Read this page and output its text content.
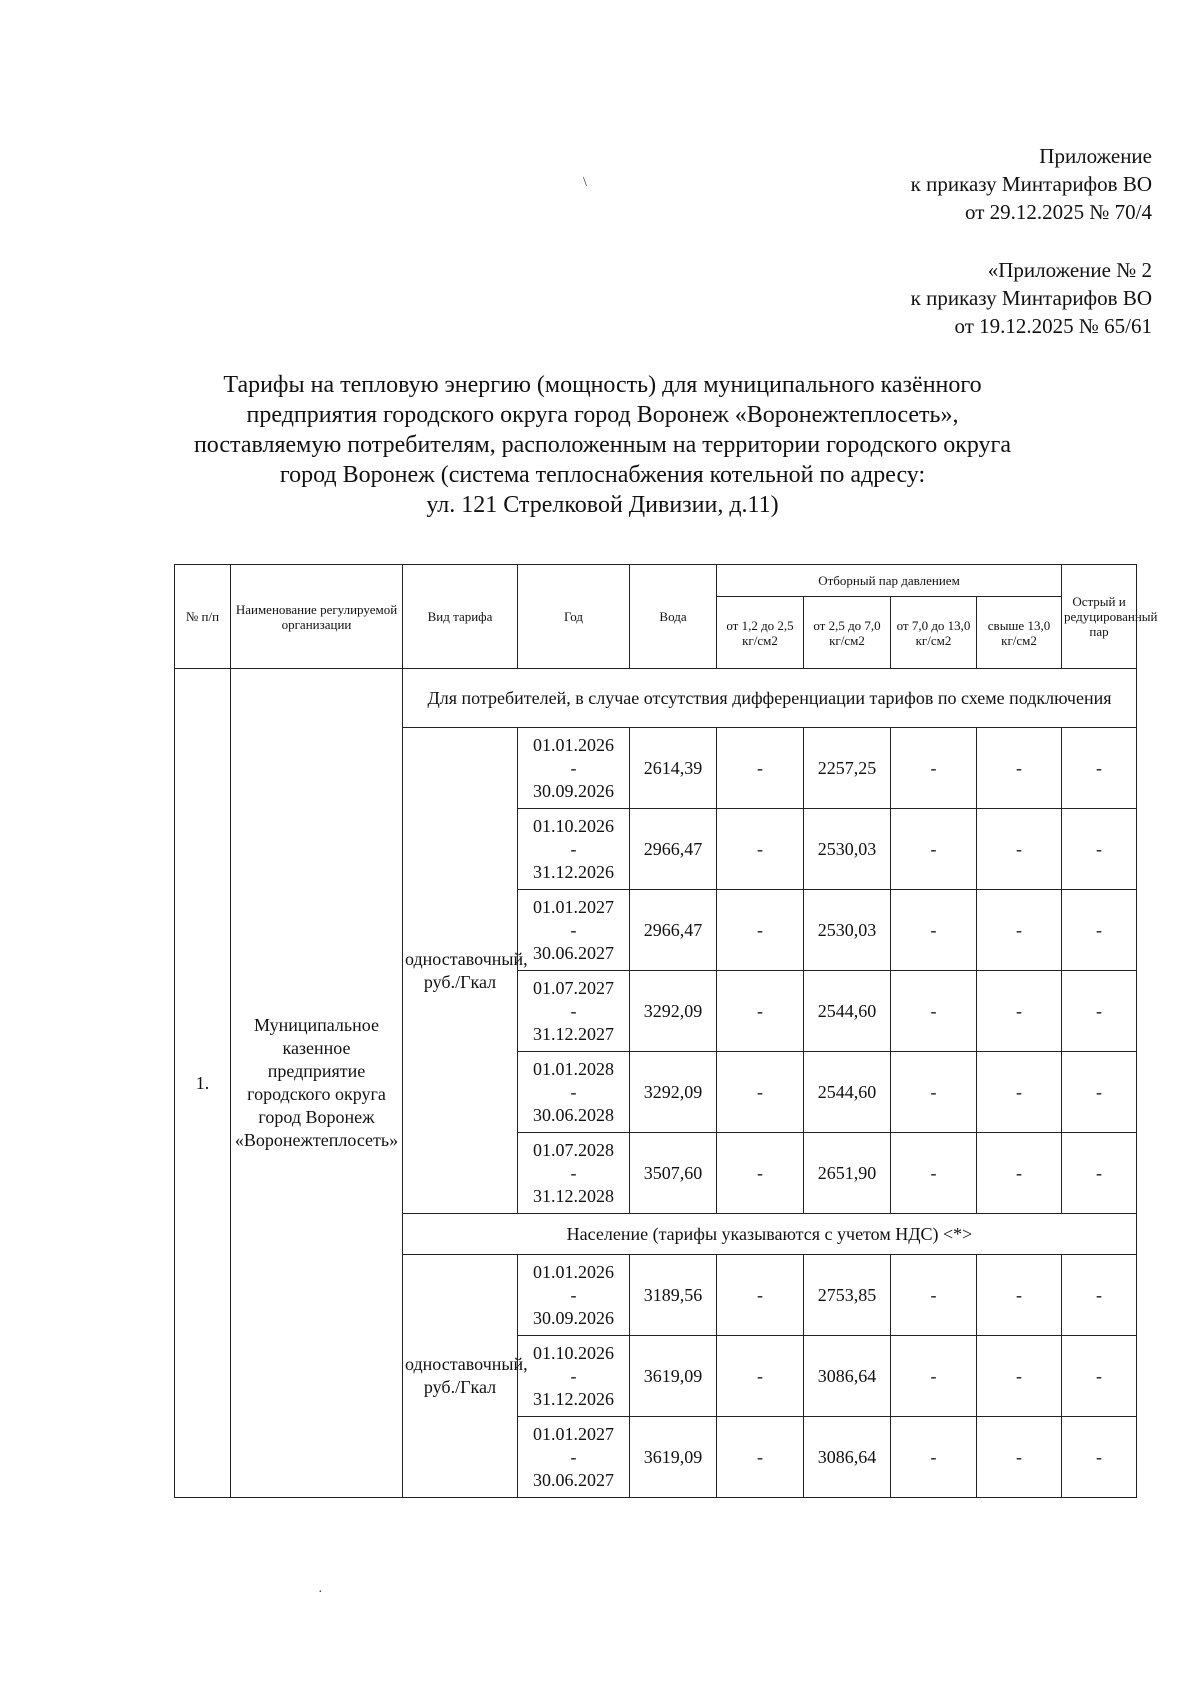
Приложение
к приказу Минтарифов ВО
от 29.12.2025 № 70/4
«Приложение № 2
к приказу Минтарифов ВО
от 19.12.2025 № 65/61
Тарифы на тепловую энергию (мощность) для муниципального казённого
предприятия городского округа город Воронеж «Воронежтеплосеть»,
поставляемую потребителям, расположенным на территории городского округа
город Воронеж (система теплоснабжения котельной по адресу:
ул. 121 Стрелковой Дивизии, д.11)
№ п/п	Наименование регулируемой организации	Вид тарифа	Год	Вода	Отборный пар давлением				Острый и редуцированный пар
					от 1,2 до 2,5 кг/см2	от 2,5 до 7,0 кг/см2	от 7,0 до 13,0 кг/см2	свыше 13,0 кг/см2	
1.	Муниципальное казенное предприятие городского округа город Воронеж «Воронежтеплосеть»	Для потребителей, в случае отсутствия дифференциации тарифов по схеме подключения							
		одноставочный, руб./Гкал	01.01.2026
-
30.09.2026	2614,39	-	2257,25	-	-	-

			01.10.2026
-
31.12.2026	2966,47	-	2530,03	-	-	-

			01.01.2027
-
30.06.2027	2966,47	-	2530,03	-	-	-

			01.07.2027
-
31.12.2027	3292,09	-	2544,60	-	-	-

			01.01.2028
-
30.06.2028	3292,09	-	2544,60	-	-	-

			01.07.2028
-
31.12.2028	3507,60	-	2651,90	-	-	-
		Население (тарифы указываются с учетом НДС) <*>							
		одноставочный, руб./Гкал	01.01.2026
-
30.09.2026	3189,56	-	2753,85	-	-	-

			01.10.2026
-
31.12.2026	3619,09	-	3086,64	-	-	-

			01.01.2027
-
30.06.2027	3619,09	-	3086,64	-	-	-
\
·
